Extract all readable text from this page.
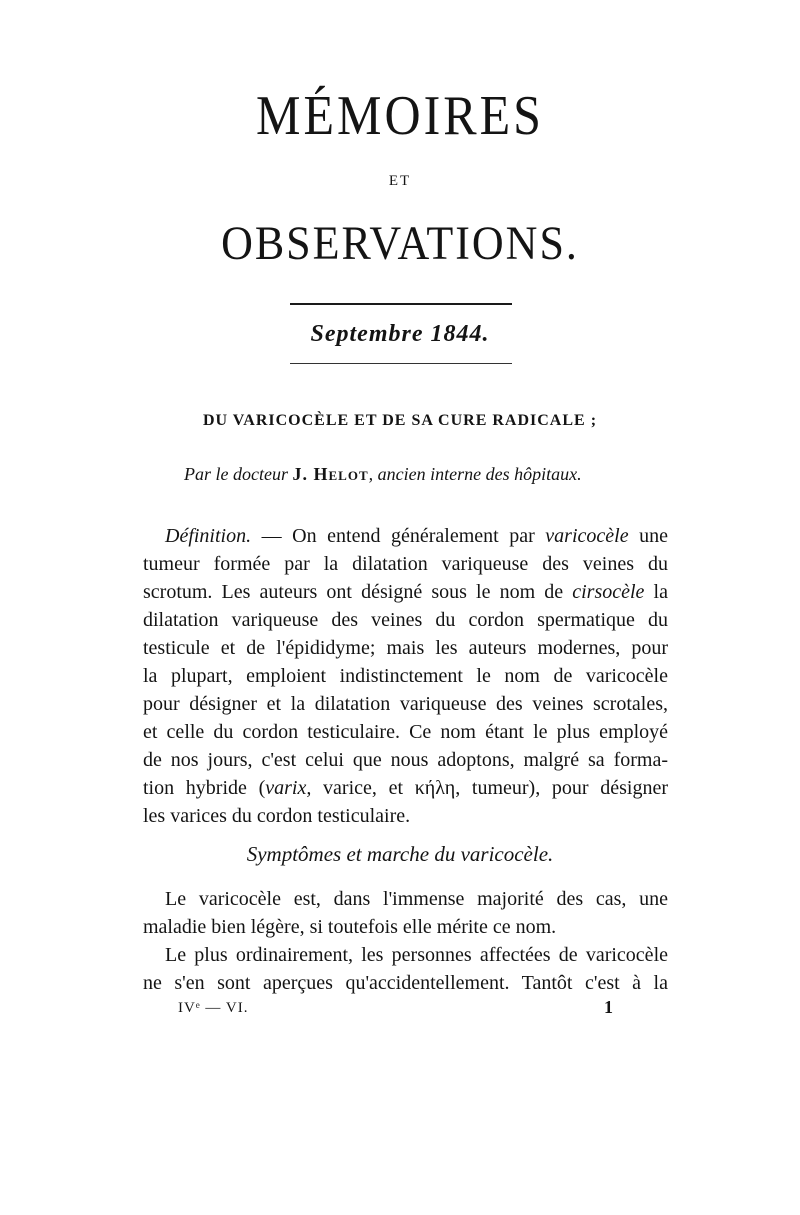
MÉMOIRES
ET
OBSERVATIONS.
Septembre 1844.
DU VARICOCÈLE ET DE SA CURE RADICALE ;
Par le docteur J. Helot, ancien interne des hôpitaux.
Définition. — On entend généralement par varicocèle une
tumeur formée par la dilatation variqueuse des veines du
scrotum. Les auteurs ont désigné sous le nom de cirsocèle la
dilatation variqueuse des veines du cordon spermatique du
testicule et de l'épididyme; mais les auteurs modernes, pour
la plupart, emploient indistinctement le nom de varicocèle
pour désigner et la dilatation variqueuse des veines scrotales,
et celle du cordon testiculaire. Ce nom étant le plus employé
de nos jours, c'est celui que nous adoptons, malgré sa forma-
tion hybride (varix, varice, et κήλη, tumeur), pour désigner
les varices du cordon testiculaire.
Symptômes et marche du varicocèle.
Le varicocèle est, dans l'immense majorité des cas, une
maladie bien légère, si toutefois elle mérite ce nom.
Le plus ordinairement, les personnes affectées de varicocèle
ne s'en sont aperçues qu'accidentellement. Tantôt c'est à la
IVᵉ — VI.	1
